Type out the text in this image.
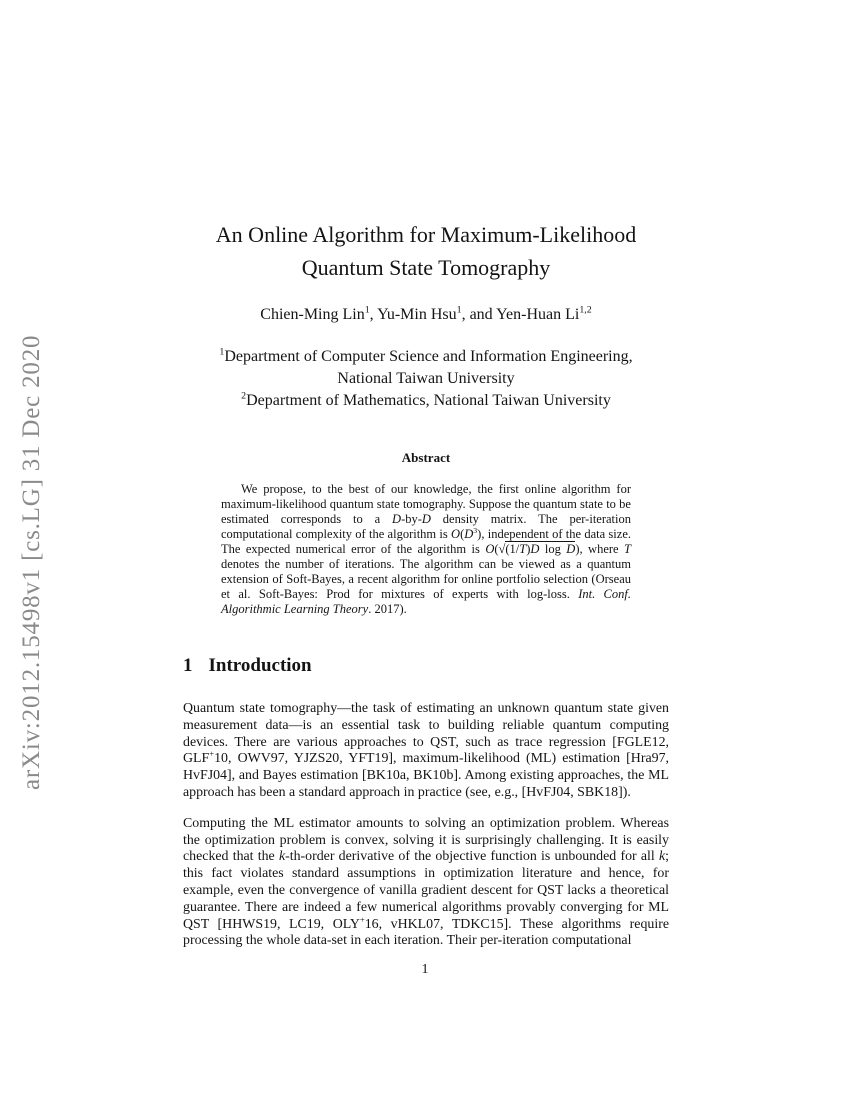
arXiv:2012.15498v1 [cs.LG] 31 Dec 2020
An Online Algorithm for Maximum-Likelihood
Quantum State Tomography
Chien-Ming Lin$^1$, Yu-Min Hsu$^1$, and Yen-Huan Li$^{1,2}$
$^1$Department of Computer Science and Information Engineering,
National Taiwan University
$^2$Department of Mathematics, National Taiwan University
Abstract

We propose, to the best of our knowledge, the first online algorithm for maximum-likelihood quantum state tomography. Suppose the quantum state to be estimated corresponds to a D-by-D density matrix. The per-iteration computational complexity of the algorithm is $O(D^3)$, independent of the data size. The expected numerical error of the algorithm is O(√(1/T)D log D), where T denotes the number of iterations. The algorithm can be viewed as a quantum extension of Soft-Bayes, a recent algorithm for online portfolio selection (Orseau et al. Soft-Bayes: Prod for mixtures of experts with log-loss. Int. Conf. Algorithmic Learning Theory. 2017).

1 Introduction

Quantum state tomography—the task of estimating an unknown quantum state given measurement data—is an essential task to building reliable quantum computing devices. There are various approaches to QST, such as trace regression [FGLE12, GLF+10, OWV97, YJZS20, YFT19], maximum-likelihood (ML) estimation [Hra97, HvFJ04], and Bayes estimation [BK10a, BK10b]. Among existing approaches, the ML approach has been a standard approach in practice (see, e.g., [HvFJ04, SBK18]).

Computing the ML estimator amounts to solving an optimization problem. Whereas the optimization problem is convex, solving it is surprisingly challenging. It is easily checked that the k-th-order derivative of the objective function is unbounded for all k; this fact violates standard assumptions in optimization literature and hence, for example, even the convergence of vanilla gradient descent for QST lacks a theoretical guarantee. There are indeed a few numerical algorithms provably converging for ML QST [HHWS19, LC19, OLY+16, vHKL07, TDKC15]. These algorithms require processing the whole data-set in each iteration. Their per-iteration computational

1
